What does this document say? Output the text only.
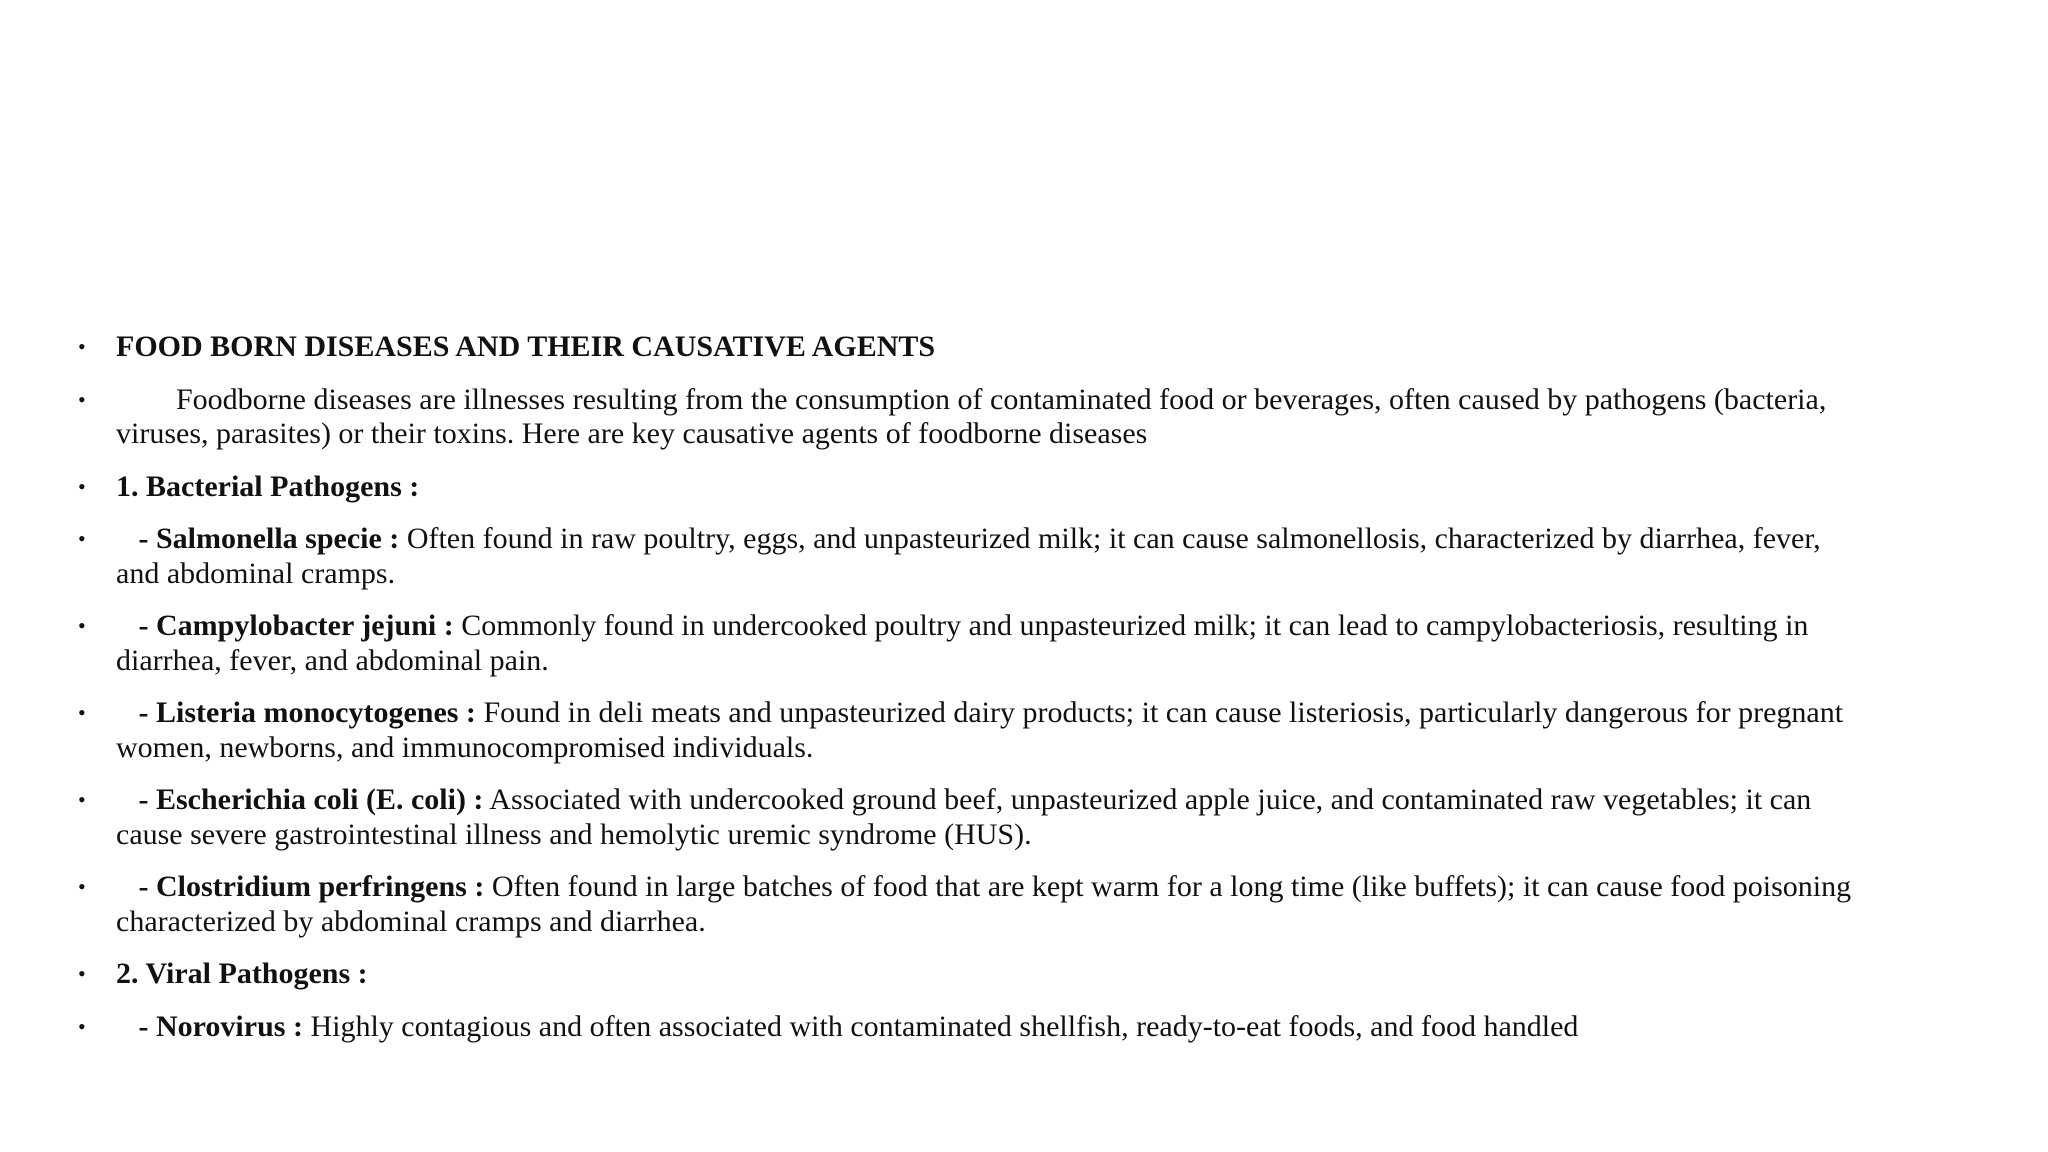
• FOOD BORN DISEASES AND THEIR CAUSATIVE AGENTS
• Foodborne diseases are illnesses resulting from the consumption of contaminated food or beverages, often caused by pathogens (bacteria, viruses, parasites) or their toxins. Here are key causative agents of foodborne diseases
• 1. Bacterial Pathogens :
• - Salmonella specie : Often found in raw poultry, eggs, and unpasteurized milk; it can cause salmonellosis, characterized by diarrhea, fever, and abdominal cramps.
• - Campylobacter jejuni : Commonly found in undercooked poultry and unpasteurized milk; it can lead to campylobacteriosis, resulting in diarrhea, fever, and abdominal pain.
• - Listeria monocytogenes : Found in deli meats and unpasteurized dairy products; it can cause listeriosis, particularly dangerous for pregnant women, newborns, and immunocompromised individuals.
• - Escherichia coli (E. coli) : Associated with undercooked ground beef, unpasteurized apple juice, and contaminated raw vegetables; it can cause severe gastrointestinal illness and hemolytic uremic syndrome (HUS).
• - Clostridium perfringens : Often found in large batches of food that are kept warm for a long time (like buffets); it can cause food poisoning characterized by abdominal cramps and diarrhea.
• 2. Viral Pathogens :
• - Norovirus : Highly contagious and often associated with contaminated shellfish, ready-to-eat foods, and food handled
